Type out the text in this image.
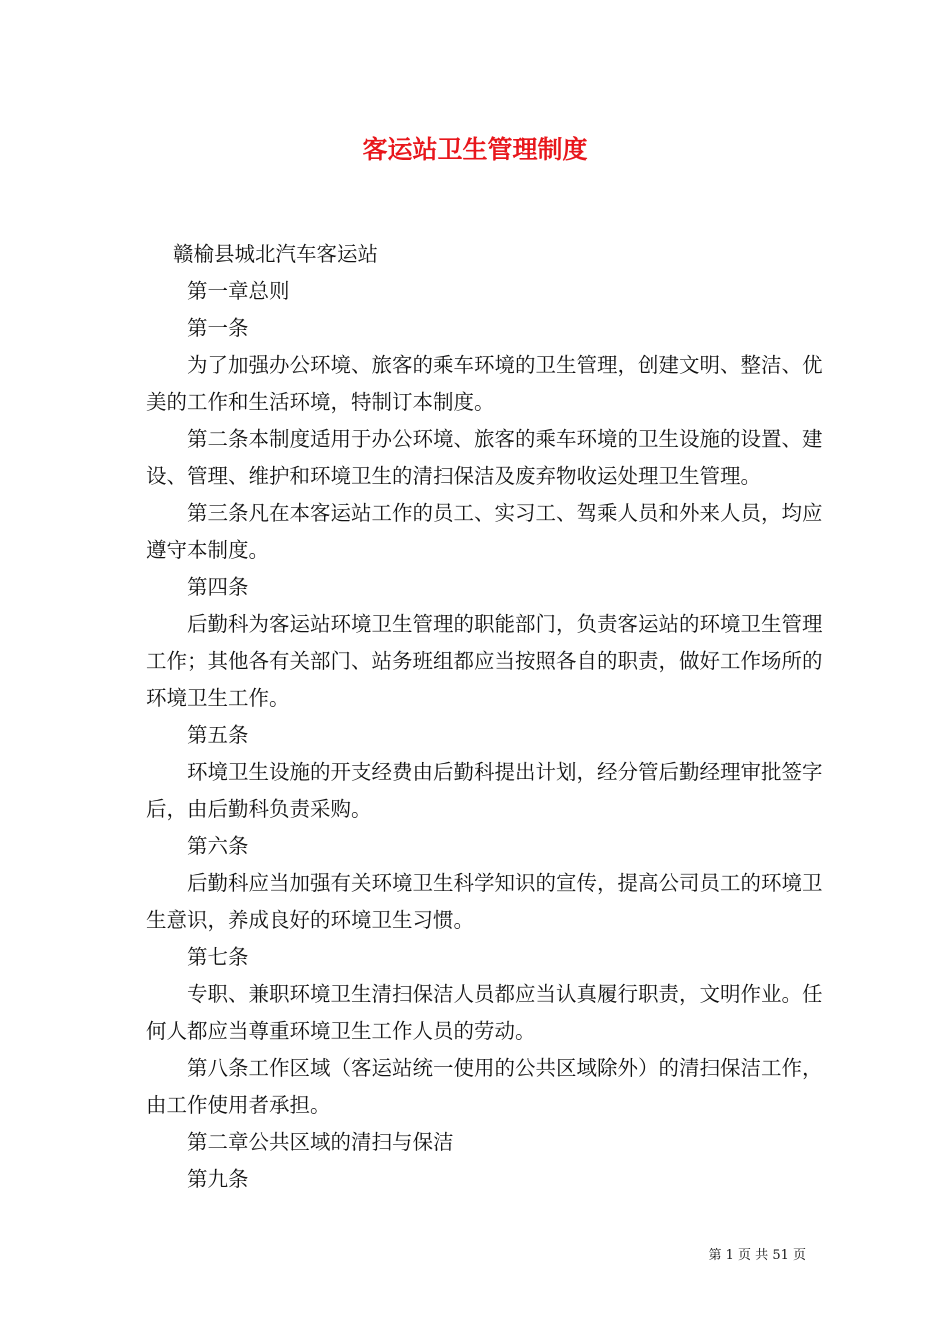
客运站卫生管理制度

赣榆县城北汽车客运站

第一章总则

第一条

为了加强办公环境、旅客的乘车环境的卫生管理，创建文明、整洁、优美的工作和生活环境，特制订本制度。

第二条本制度适用于办公环境、旅客的乘车环境的卫生设施的设置、建设、管理、维护和环境卫生的清扫保洁及废弃物收运处理卫生管理。

第三条凡在本客运站工作的员工、实习工、驾乘人员和外来人员，均应遵守本制度。

第四条

后勤科为客运站环境卫生管理的职能部门，负责客运站的环境卫生管理工作；其他各有关部门、站务班组都应当按照各自的职责，做好工作场所的环境卫生工作。

第五条

环境卫生设施的开支经费由后勤科提出计划，经分管后勤经理审批签字后，由后勤科负责采购。

第六条

后勤科应当加强有关环境卫生科学知识的宣传，提高公司员工的环境卫生意识，养成良好的环境卫生习惯。

第七条

专职、兼职环境卫生清扫保洁人员都应当认真履行职责，文明作业。任何人都应当尊重环境卫生工作人员的劳动。

第八条工作区域（客运站统一使用的公共区域除外）的清扫保洁工作，由工作使用者承担。

第二章公共区域的清扫与保洁

第九条

第 1 页 共 51 页
